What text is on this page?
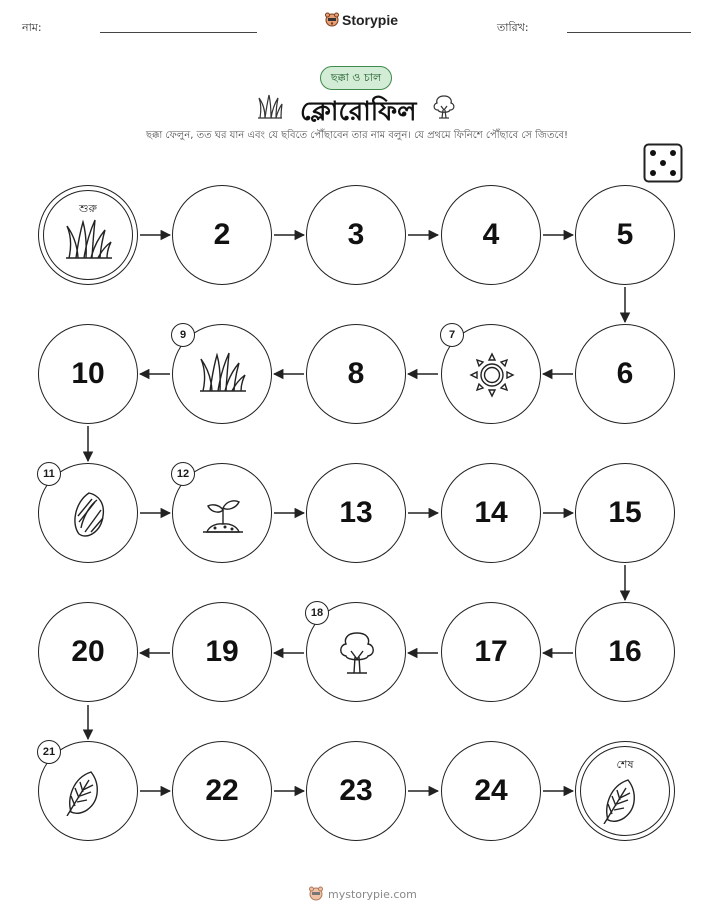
নাম:	Storypie	তারিখ:
ছক্কা ও চাল
ক্লোরোফিল
ছক্কা ফেলুন, তত ঘর যান এবং যে ছবিতে পৌঁছাবেন তার নাম বলুন। যে প্রথমে ফিনিশে পৌঁছাবে সে জিতবে!
শুরু
2	3	4	5
6
7
8
9
10
11	12
13	14	15
16
17
18
19
20
21
22	23	24
শেষ
mystorypie.com
